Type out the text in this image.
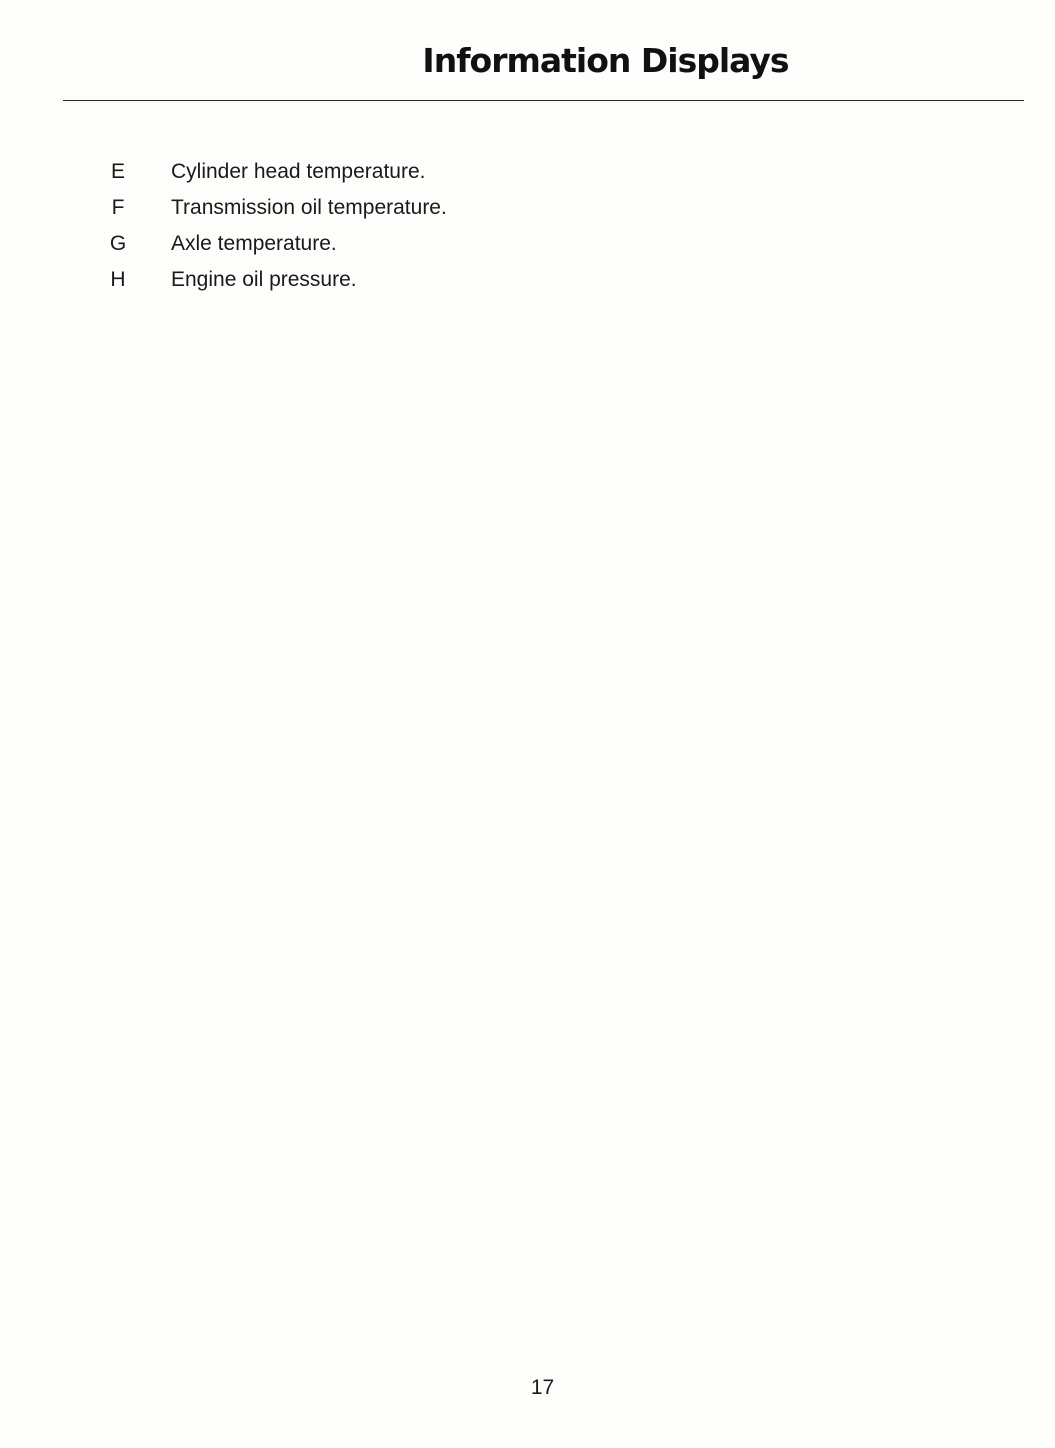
Information Displays
E	Cylinder head temperature.
F	Transmission oil temperature.
G	Axle temperature.
H	Engine oil pressure.
17
